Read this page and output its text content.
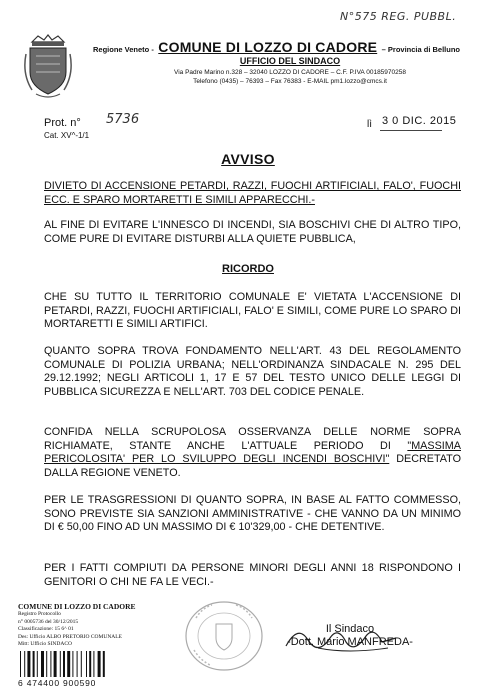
N°575 REG. PUBBL.
Regione Veneto - COMUNE DI LOZZO DI CADORE – Provincia di Belluno
UFFICIO DEL SINDACO
Via Padre Marino n.328 – 32040 LOZZO DI CADORE – C.F. P.IVA 00185970258
Telefono (0435) – 76393 – Fax 76383 - E-MAIL pm1.lozzo@cmcs.it
Prot. n° 5736
Cat. XV^-1/1
lì 3 0 DIC. 2015
AVVISO
DIVIETO DI ACCENSIONE PETARDI, RAZZI, FUOCHI ARTIFICIALI, FALO', FUOCHI ECC. E SPARO MORTARETTI E SIMILI APPARECCHI.-
AL FINE DI EVITARE L'INNESCO DI INCENDI, SIA BOSCHIVI CHE DI ALTRO TIPO, COME PURE DI EVITARE DISTURBI ALLA QUIETE PUBBLICA,
RICORDO
CHE SU TUTTO IL TERRITORIO COMUNALE E' VIETATA L'ACCENSIONE DI PETARDI, RAZZI, FUOCHI ARTIFICIALI, FALO' E SIMILI, COME PURE LO SPARO DI MORTARETTI E SIMILI ARTIFICI.
QUANTO SOPRA TROVA FONDAMENTO NELL'ART. 43 DEL REGOLAMENTO COMUNALE DI POLIZIA URBANA; NELL'ORDINANZA SINDACALE N. 295 DEL 29.12.1992; NEGLI ARTICOLI 1, 17 E 57 DEL TESTO UNICO DELLE LEGGI DI PUBBLICA SICUREZZA E NELL'ART. 703 DEL CODICE PENALE.
CONFIDA NELLA SCRUPOLOSA OSSERVANZA DELLE NORME SOPRA RICHIAMATE, STANTE ANCHE L'ATTUALE PERIODO DI "MASSIMA PERICOLOSITA' PER LO SVILUPPO DEGLI INCENDI BOSCHIVI" DECRETATO DALLA REGIONE VENETO.
PER LE TRASGRESSIONI DI QUANTO SOPRA, IN BASE AL FATTO COMMESSO, SONO PREVISTE SIA SANZIONI AMMINISTRATIVE - CHE VANNO DA UN MINIMO DI € 50,00 FINO AD UN MASSIMO DI € 10'329,00 - CHE DETENTIVE.
PER I FATTI COMPIUTI DA PERSONE MINORI DEGLI ANNI 18 RISPONDONO I GENITORI O CHI NE FA LE VECI.-
COMUNE DI LOZZO DI CADORE
Registro Protocollo
n° 0005736 del 30/12/2015
Classificazione: 15 6^ 01
Des: Ufficio ALBO PRETORIO COMUNALE
Mitt: Ufficio SINDACO
6 474400 900590
Il Sindaco
-Dott. Mario MANFREDA-
